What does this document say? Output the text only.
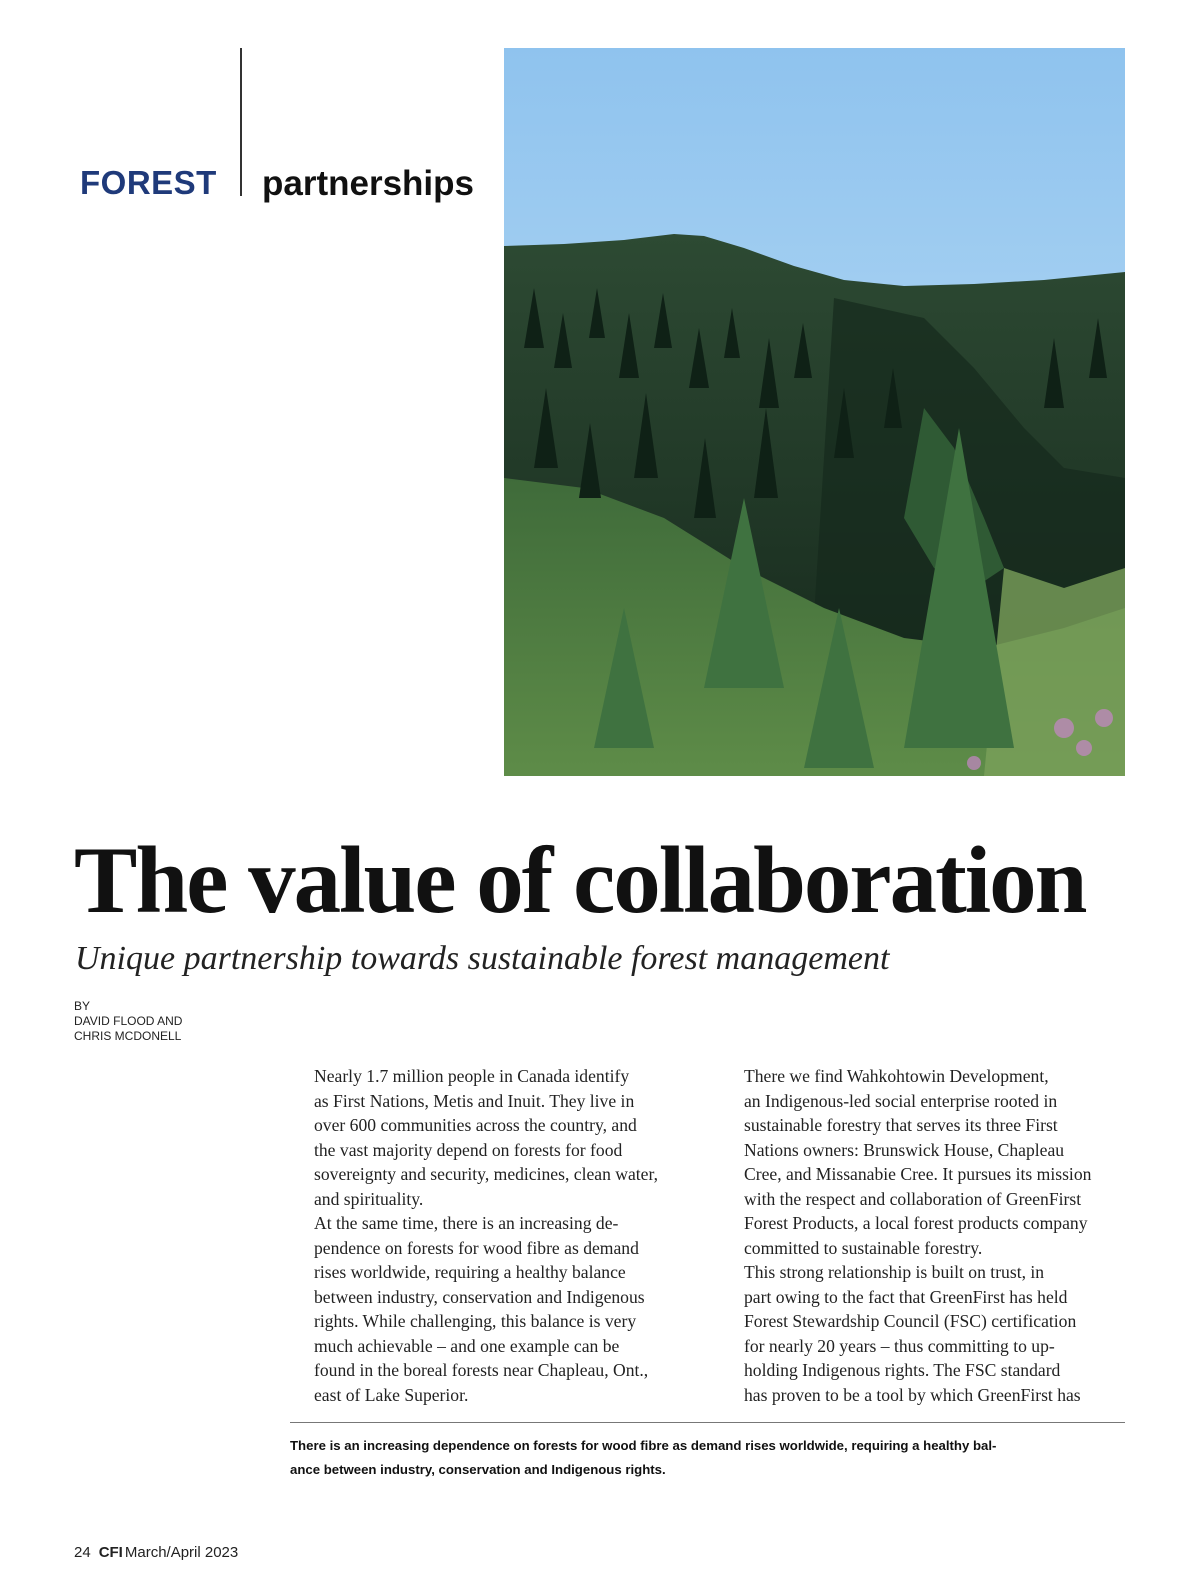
FOREST partnerships
The value of collaboration
Unique partnership towards sustainable forest management
BY
DAVID FLOOD AND
CHRIS MCDONELL

Nearly 1.7 million people in Canada identify
as First Nations, Metis and Inuit. They live in
over 600 communities across the country, and
the vast majority depend on forests for food
sovereignty and security, medicines, clean water,
and spirituality.

At the same time, there is an increasing de-
pendence on forests for wood fibre as demand
rises worldwide, requiring a healthy balance
between industry, conservation and Indigenous
rights. While challenging, this balance is very
much achievable – and one example can be
found in the boreal forests near Chapleau, Ont.,
east of Lake Superior.

There we find Wahkohtowin Development,
an Indigenous-led social enterprise rooted in
sustainable forestry that serves its three First
Nations owners: Brunswick House, Chapleau
Cree, and Missanabie Cree. It pursues its mission
with the respect and collaboration of GreenFirst
Forest Products, a local forest products company
committed to sustainable forestry.

This strong relationship is built on trust, in
part owing to the fact that GreenFirst has held
Forest Stewardship Council (FSC) certification
for nearly 20 years – thus committing to up-
holding Indigenous rights. The FSC standard
has proven to be a tool by which GreenFirst has

There is an increasing dependence on forests for wood fibre as demand rises worldwide, requiring a healthy bal-
ance between industry, conservation and Indigenous rights.
24 CFI March/April 2023
